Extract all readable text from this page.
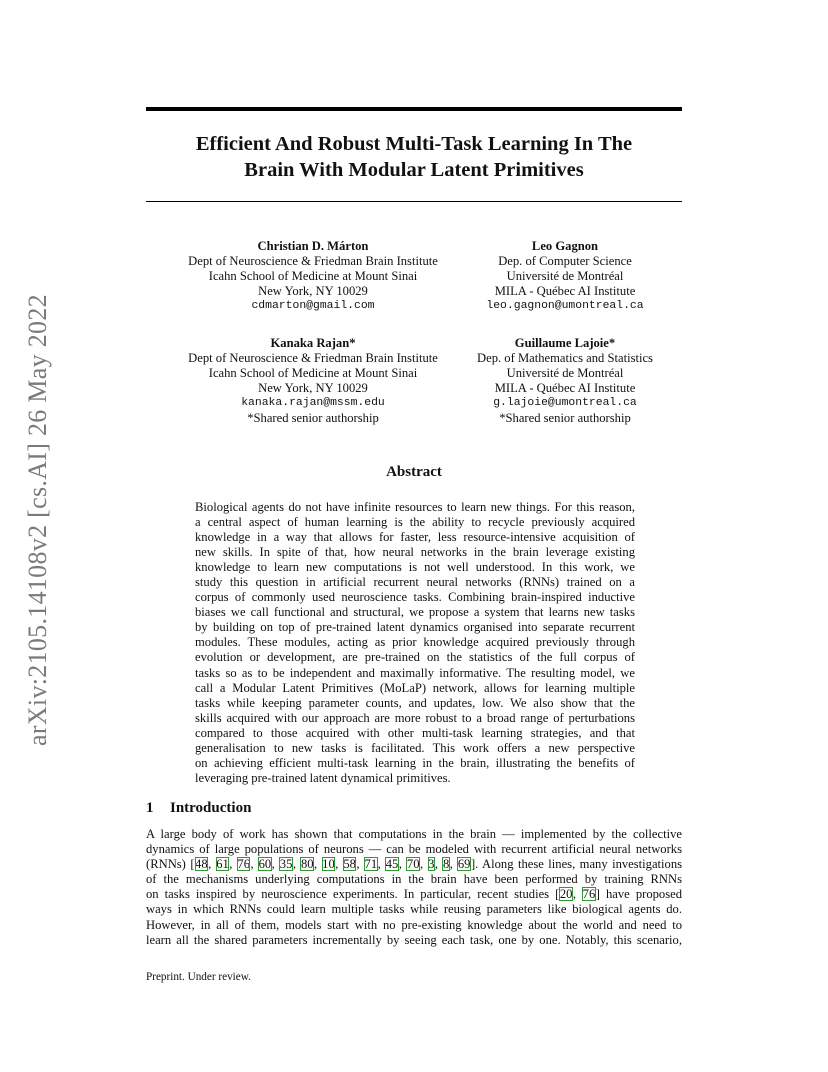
arXiv:2105.14108v2 [cs.AI] 26 May 2022
Efficient And Robust Multi-Task Learning In The
Brain With Modular Latent Primitives
Christian D. Márton
Dept of Neuroscience & Friedman Brain Institute
Icahn School of Medicine at Mount Sinai
New York, NY 10029
cdmarton@gmail.com
Leo Gagnon
Dep. of Computer Science
Université de Montréal
MILA - Québec AI Institute
leo.gagnon@umontreal.ca
Kanaka Rajan*
Dept of Neuroscience & Friedman Brain Institute
Icahn School of Medicine at Mount Sinai
New York, NY 10029
kanaka.rajan@mssm.edu
*Shared senior authorship
Guillaume Lajoie*
Dep. of Mathematics and Statistics
Université de Montréal
MILA - Québec AI Institute
g.lajoie@umontreal.ca
*Shared senior authorship
Abstract
Biological agents do not have infinite resources to learn new things. For this reason,
a central aspect of human learning is the ability to recycle previously acquired
knowledge in a way that allows for faster, less resource-intensive acquisition of
new skills. In spite of that, how neural networks in the brain leverage existing
knowledge to learn new computations is not well understood. In this work, we
study this question in artificial recurrent neural networks (RNNs) trained on a
corpus of commonly used neuroscience tasks. Combining brain-inspired inductive
biases we call functional and structural, we propose a system that learns new tasks
by building on top of pre-trained latent dynamics organised into separate recurrent
modules. These modules, acting as prior knowledge acquired previously through
evolution or development, are pre-trained on the statistics of the full corpus of
tasks so as to be independent and maximally informative. The resulting model, we
call a Modular Latent Primitives (MoLaP) network, allows for learning multiple
tasks while keeping parameter counts, and updates, low. We also show that the
skills acquired with our approach are more robust to a broad range of perturbations
compared to those acquired with other multi-task learning strategies, and that
generalisation to new tasks is facilitated. This work offers a new perspective
on achieving efficient multi-task learning in the brain, illustrating the benefits of
leveraging pre-trained latent dynamical primitives.
1 Introduction
A large body of work has shown that computations in the brain — implemented by the collective
dynamics of large populations of neurons — can be modeled with recurrent artificial neural networks
(RNNs) [48, 61, 76, 60, 35, 80, 10, 58, 71, 45, 70, 3, 8, 69]. Along these lines, many investigations
of the mechanisms underlying computations in the brain have been performed by training RNNs
on tasks inspired by neuroscience experiments. In particular, recent studies [20, 76] have proposed
ways in which RNNs could learn multiple tasks while reusing parameters like biological agents do.
However, in all of them, models start with no pre-existing knowledge about the world and need to
learn all the shared parameters incrementally by seeing each task, one by one. Notably, this scenario,
Preprint. Under review.
